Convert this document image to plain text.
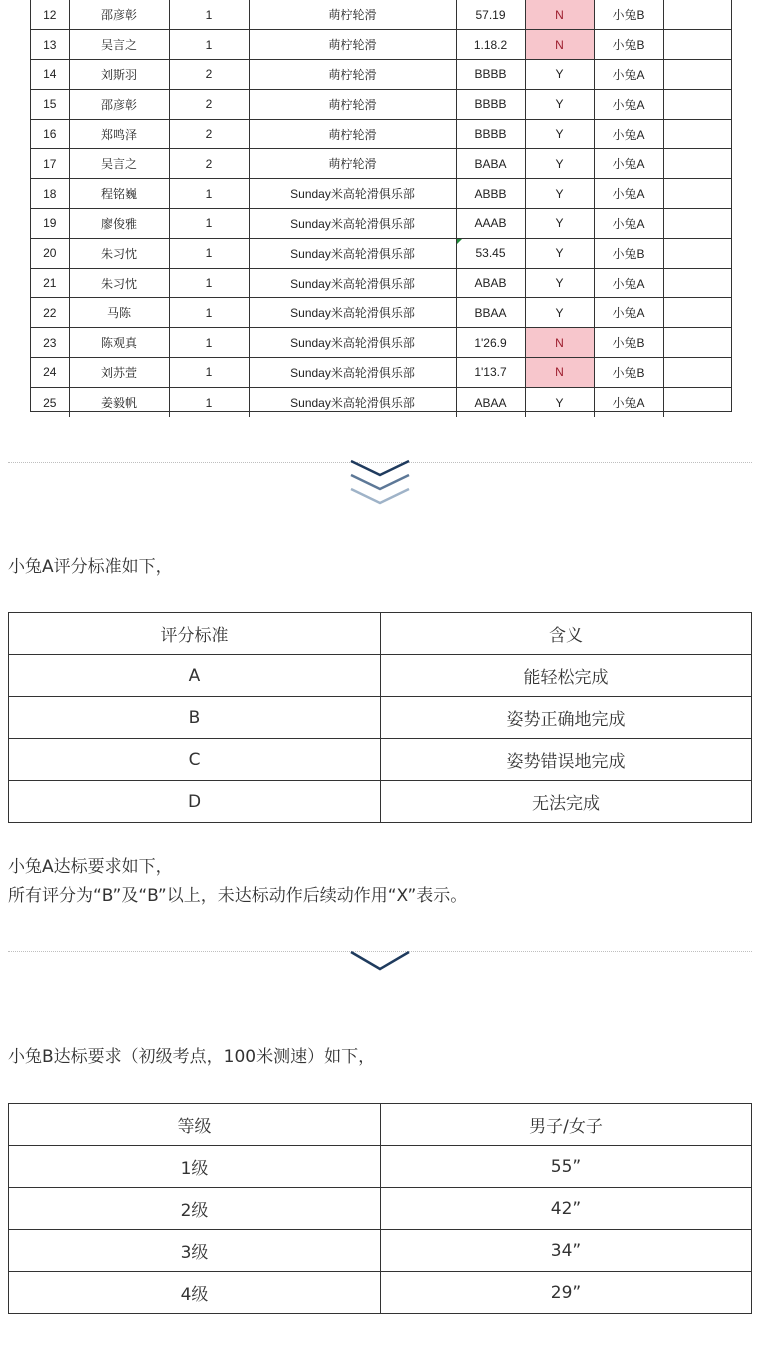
12	邵彦彰	1	萌柠轮滑	57.19	N	小兔B	
13	吴言之	1	萌柠轮滑	1.18.2	N	小兔B	
14	刘斯羽	2	萌柠轮滑	BBBB	Y	小兔A	
15	邵彦彰	2	萌柠轮滑	BBBB	Y	小兔A	
16	郑鸣泽	2	萌柠轮滑	BBBB	Y	小兔A	
17	吴言之	2	萌柠轮滑	BABA	Y	小兔A	
18	程铭巍	1	Sunday米高轮滑俱乐部	ABBB	Y	小兔A	
19	廖俊雅	1	Sunday米高轮滑俱乐部	AAAB	Y	小兔A	
20	朱习忱	1	Sunday米高轮滑俱乐部	53.45	Y	小兔B	
21	朱习忱	1	Sunday米高轮滑俱乐部	ABAB	Y	小兔A	
22	马陈	1	Sunday米高轮滑俱乐部	BBAA	Y	小兔A	
23	陈观真	1	Sunday米高轮滑俱乐部	1'26.9	N	小兔B	
24	刘苏萱	1	Sunday米高轮滑俱乐部	1'13.7	N	小兔B	
25	姜毅帆	1	Sunday米高轮滑俱乐部	ABAA	Y	小兔A	

小兔A评分标准如下，

评分标准	含义
A	能轻松完成
B	姿势正确地完成
C	姿势错误地完成
D	无法完成

小兔A达标要求如下，

所有评分为“B”及“B”以上，未达标动作后续动作用“X”表示。

小兔B达标要求（初级考点，100米测速）如下，

等级	男子/女子
1级	55”
2级	42”
3级	34”
4级	29”
